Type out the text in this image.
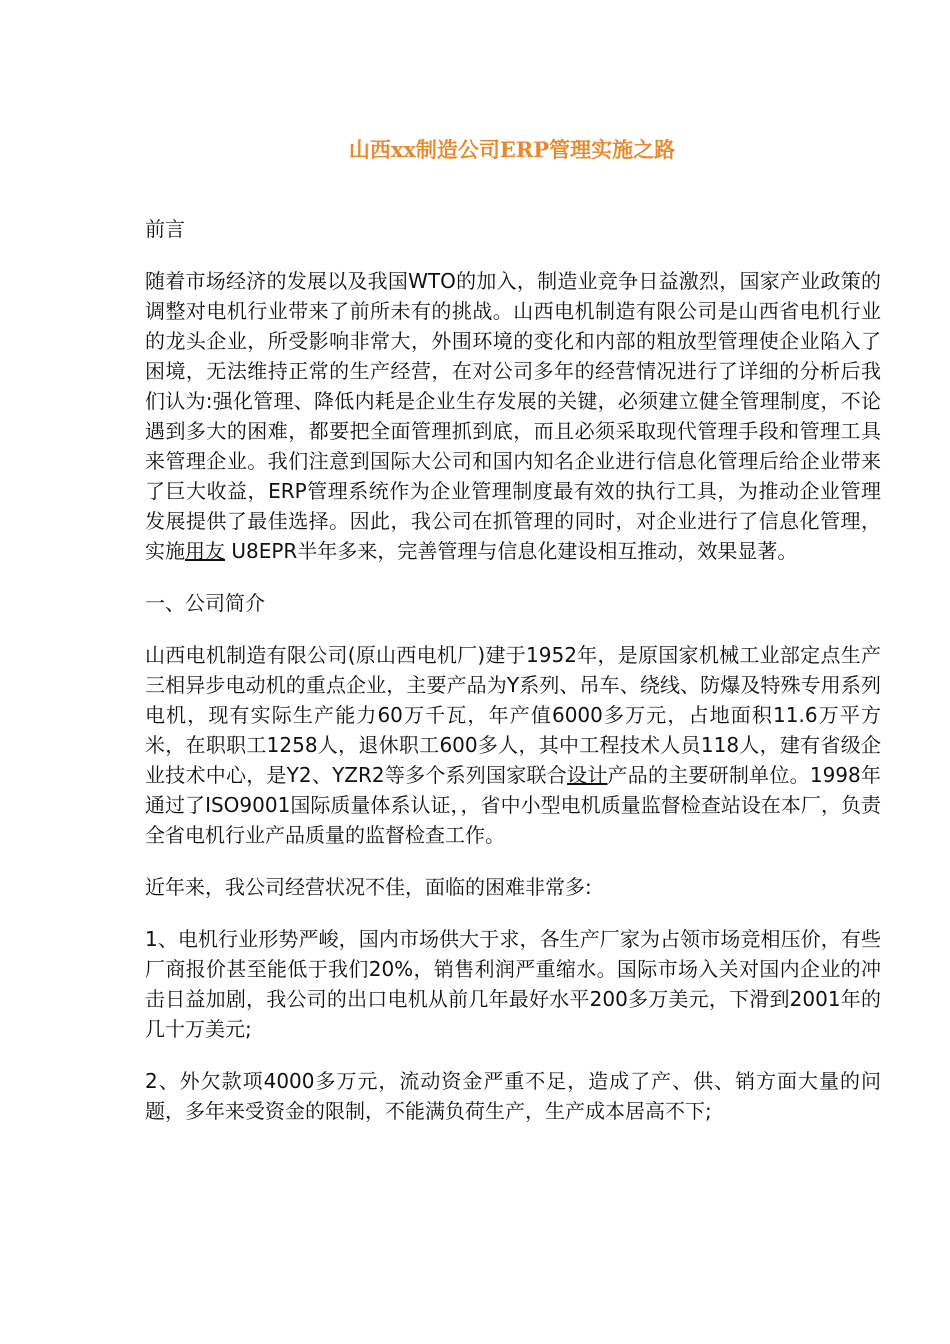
山西xx制造公司ERP管理实施之路

前言

随着市场经济的发展以及我国WTO的加入，制造业竞争日益激烈，国家产业政策的调整对电机行业带来了前所未有的挑战。山西电机制造有限公司是山西省电机行业的龙头企业，所受影响非常大，外围环境的变化和内部的粗放型管理使企业陷入了困境，无法维持正常的生产经营，在对公司多年的经营情况进行了详细的分析后我们认为:强化管理、降低内耗是企业生存发展的关键，必须建立健全管理制度，不论遇到多大的困难，都要把全面管理抓到底，而且必须采取现代管理手段和管理工具来管理企业。我们注意到国际大公司和国内知名企业进行信息化管理后给企业带来了巨大收益，ERP管理系统作为企业管理制度最有效的执行工具，为推动企业管理发展提供了最佳选择。因此，我公司在抓管理的同时，对企业进行了信息化管理，实施用友 U8EPR半年多来，完善管理与信息化建设相互推动，效果显著。

一、公司简介

山西电机制造有限公司(原山西电机厂)建于1952年，是原国家机械工业部定点生产三相异步电动机的重点企业，主要产品为Y系列、吊车、绕线、防爆及特殊专用系列电机，现有实际生产能力60万千瓦，年产值6000多万元，占地面积11.6万平方米，在职职工1258人，退休职工600多人，其中工程技术人员118人，建有省级企业技术中心，是Y2、YZR2等多个系列国家联合设计产品的主要研制单位。1998年通过了ISO9001国际质量体系认证，，省中小型电机质量监督检查站设在本厂，负责全省电机行业产品质量的监督检查工作。

近年来，我公司经营状况不佳，面临的困难非常多:

1、电机行业形势严峻，国内市场供大于求，各生产厂家为占领市场竞相压价，有些厂商报价甚至能低于我们20%，销售利润严重缩水。国际市场入关对国内企业的冲击日益加剧，我公司的出口电机从前几年最好水平200多万美元，下滑到2001年的几十万美元;

2、外欠款项4000多万元，流动资金严重不足，造成了产、供、销方面大量的问题，多年来受资金的限制，不能满负荷生产，生产成本居高不下;
